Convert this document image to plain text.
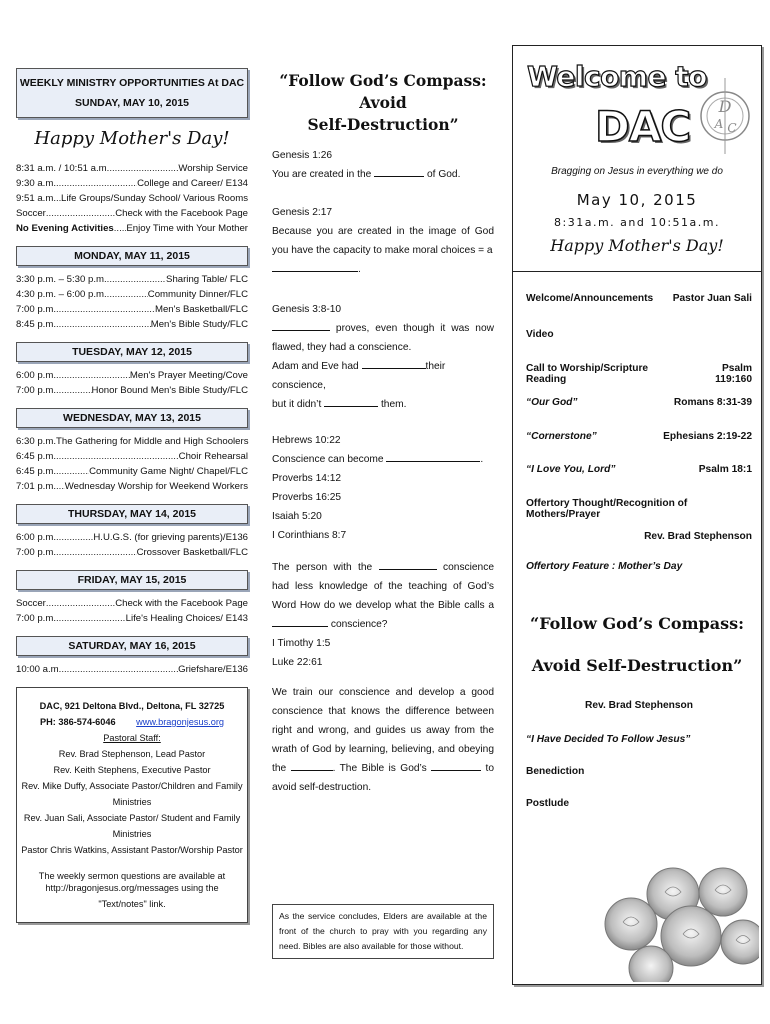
WEEKLY MINISTRY OPPORTUNITIES At DAC
SUNDAY, MAY 10, 2015
Happy Mother's Day!
8:31 a.m. / 10:51 a.m. .....	Worship Service
9:30 a.m. .....	College and Career/ E134
9:51 a.m. ..... Life Groups/Sunday School/ Various Rooms
Soccer .....	Check with the Facebook Page
No Evening Activities ..... Enjoy Time with Your Mother
MONDAY, MAY 11, 2015
3:30 p.m. – 5:30 p.m. .....	Sharing Table/ FLC
4:30 p.m. – 6:00 p.m. .....	Community Dinner/FLC
7:00 p.m. .....	Men's Basketball/FLC
8:45 p.m. .....	Men's Bible Study/FLC
TUESDAY, MAY 12, 2015
6:00 p.m. .....	Men's Prayer Meeting/Cove
7:00 p.m. .....	Honor Bound Men's Bible Study/FLC
WEDNESDAY, MAY 13, 2015
6:30 p.m. The Gathering for Middle and High Schoolers
6:45 p.m. .....	Choir Rehearsal
6:45 p.m. .....	Community Game Night/ Chapel/FLC
7:01 p.m. ..... Wednesday Worship for Weekend Workers
THURSDAY, MAY 14, 2015
6:00 p.m. .....	H.U.G.S. (for grieving parents)/E136
7:00 p.m. .....	Crossover Basketball/FLC
FRIDAY, MAY 15, 2015
Soccer .....	Check with the Facebook Page
7:00 p.m. .....	Life's Healing Choices/ E143
SATURDAY, MAY 16, 2015
10:00 a.m. .....	Griefshare/E136
DAC, 921 Deltona Blvd., Deltona, FL 32725
PH: 386-574-6046 www.bragonjesus.org
Pastoral Staff:
Rev. Brad Stephenson, Lead Pastor
Rev. Keith Stephens, Executive Pastor
Rev. Mike Duffy, Associate Pastor/Children and Family Ministries
Rev. Juan Sali, Associate Pastor/ Student and Family Ministries
Pastor Chris Watkins, Assistant Pastor/Worship Pastor
The weekly sermon questions are available at
http://bragonjesus.org/messages using the "Text/notes" link.
“Follow God’s Compass: Avoid
Self-Destruction”
Genesis 1:26
You are created in the	of God.
Genesis 2:17
Because you are created in the image of God you have the capacity to make moral choices = a
.
Genesis 3:8-10
proves, even though it was now flawed, they had a conscience.
Adam and Eve had	their conscience,
but it didn’t	them.
Hebrews 10:22
Conscience can become	.
Proverbs 14:12
Proverbs 16:25
Isaiah 5:20
I Corinthians 8:7
The person with the	conscience had less knowledge of the teaching of God’s Word How do we develop what the Bible calls a  conscience?
I Timothy 1:5
Luke 22:61
We train our conscience and develop a good conscience that knows the difference between right and wrong, and guides us away from the wrath of God by learning, believing, and obeying the	. The Bible is God’s	to avoid self-destruction.
As the service concludes, Elders are available at the front of the church to pray with you regarding any need. Bibles are also available for those without.
Welcome to
DAC D
A C
Bragging on Jesus in everything we do
May 10, 2015
8:31a.m. and 10:51a.m.
Happy Mother's Day!
Welcome/Announcements Pastor Juan Sali
Video
Call to Worship/Scripture Reading
Psalm 119:160
“Our God”	Romans 8:31-39
“Cornerstone”	Ephesians 2:19-22
“I Love You, Lord”	Psalm 18:1
Offertory Thought/Recognition of Mothers/Prayer
Rev. Brad Stephenson
Offertory Feature : Mother’s Day
“Follow God’s Compass:
Avoid Self-Destruction”
Rev. Brad Stephenson
“I Have Decided To Follow Jesus”
Benediction
Postlude
